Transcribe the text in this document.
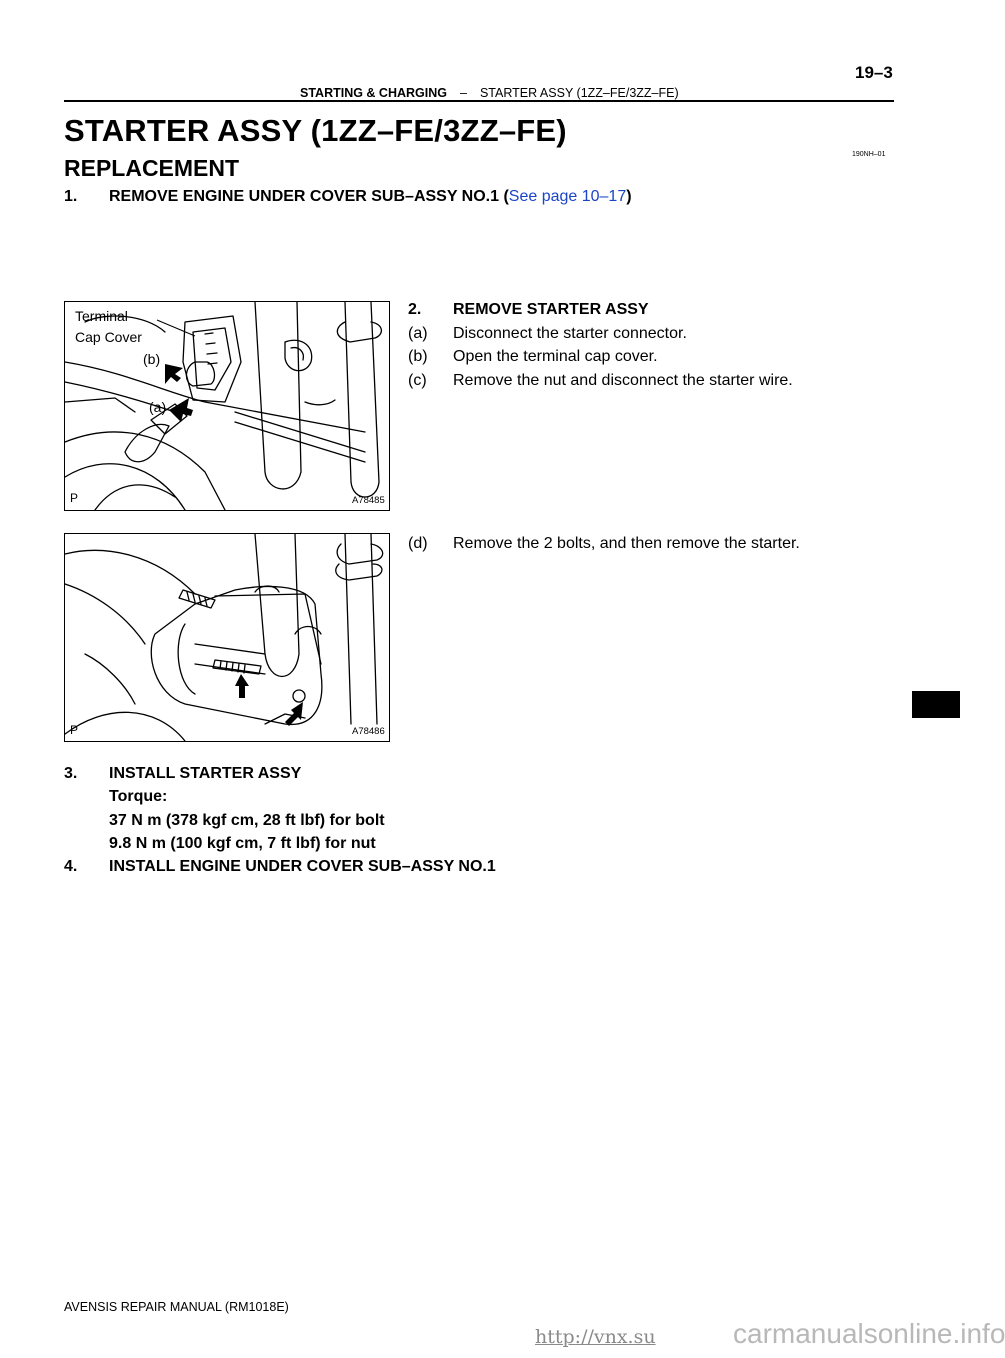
19–3
STARTING & CHARGING – STARTER ASSY (1ZZ–FE/3ZZ–FE)
STARTER ASSY (1ZZ–FE/3ZZ–FE)
190NH–01
REPLACEMENT
1. REMOVE ENGINE UNDER COVER SUB–ASSY NO.1 (See page 10–17)
Terminal
Cap Cover
(b)
(a)
P	A78485
2. REMOVE STARTER ASSY
(a) Disconnect the starter connector.
(b) Open the terminal cap cover.
(c) Remove the nut and disconnect the starter wire.
(d) Remove the 2 bolts, and then remove the starter.
P	A78486
3. INSTALL STARTER ASSY
Torque:
37 N m (378 kgf cm, 28 ft lbf) for bolt
9.8 N m (100 kgf cm, 7 ft lbf) for nut
4. INSTALL ENGINE UNDER COVER SUB–ASSY NO.1
AVENSIS REPAIR MANUAL (RM1018E)
http://vnx.su	carmanualsonline.info
